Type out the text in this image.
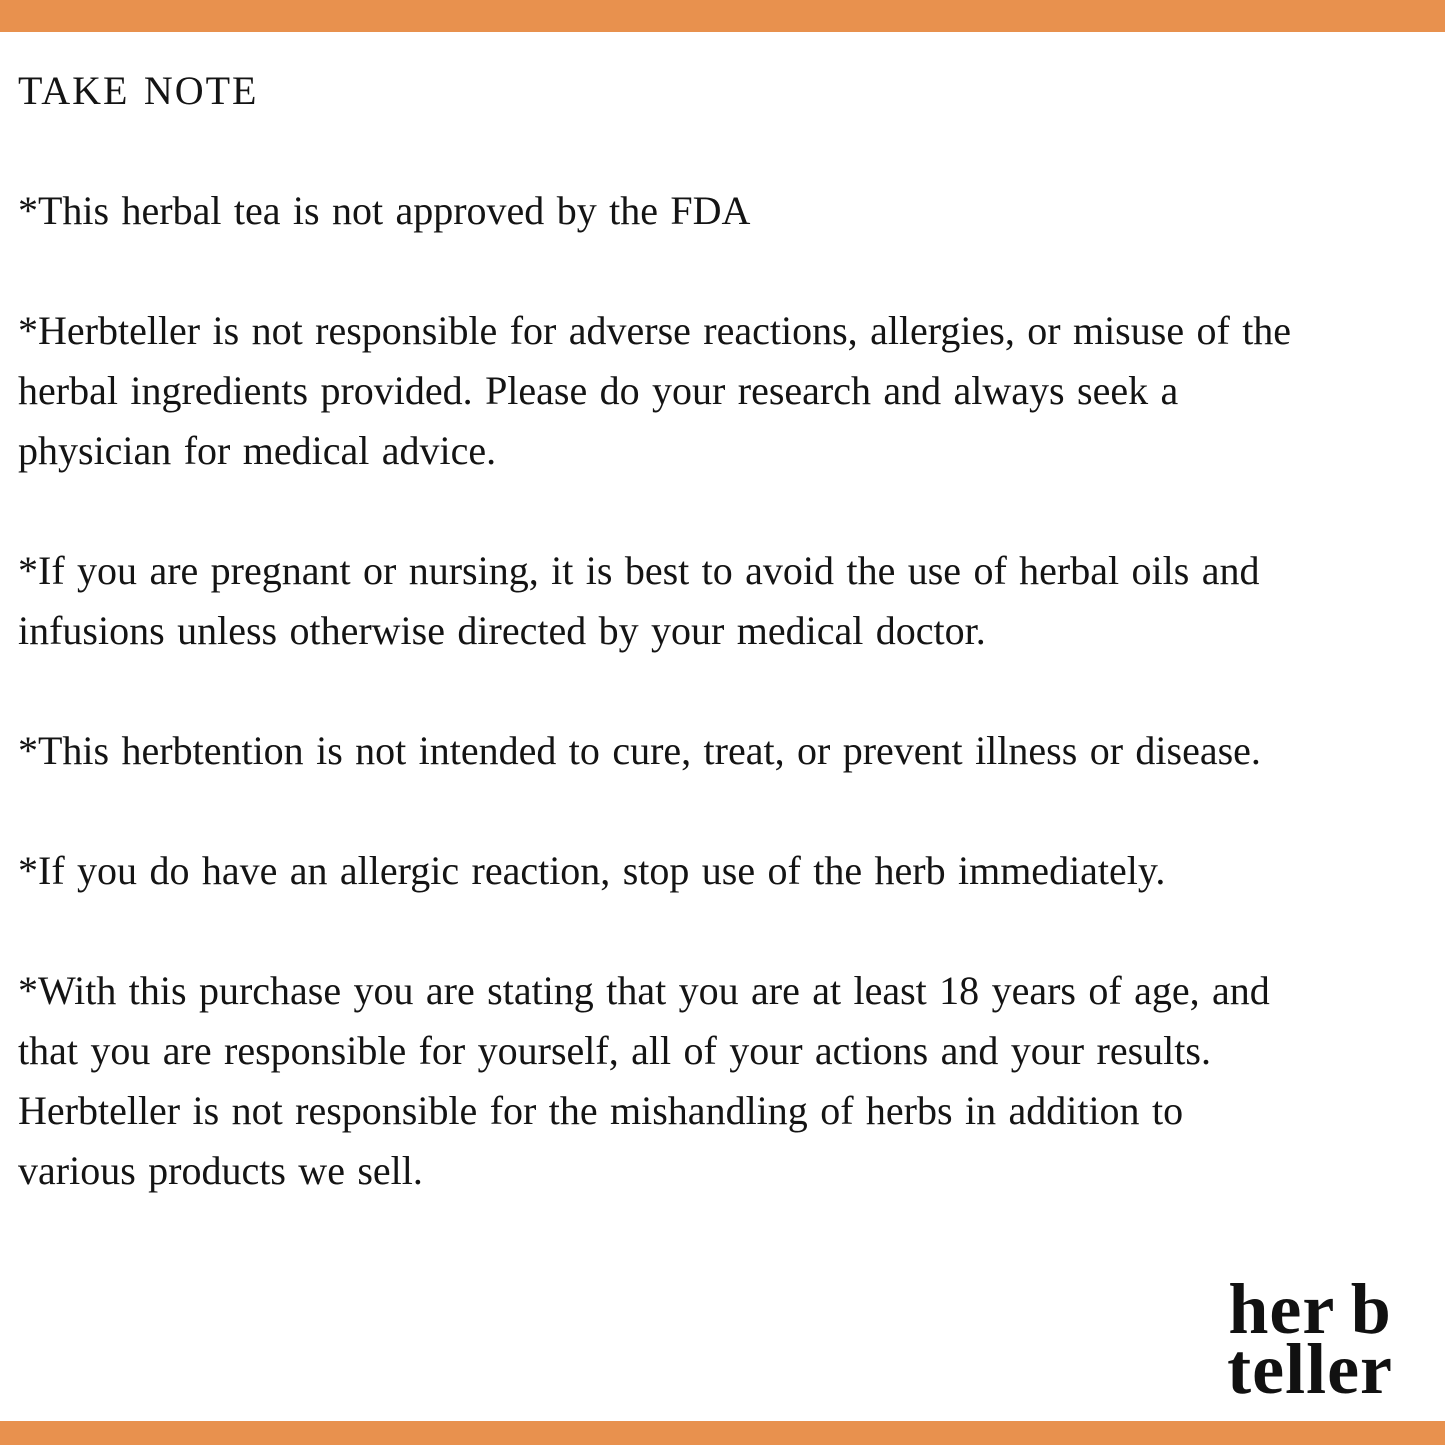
TAKE NOTE
*This herbal tea is not approved by the FDA
*Herbteller is not responsible for adverse reactions, allergies, or misuse of the
herbal ingredients provided. Please do your research and always seek a
physician for medical advice.
*If you are pregnant or nursing, it is best to avoid the use of herbal oils and
infusions unless otherwise directed by your medical doctor.
*This herbtention is not intended to cure, treat, or prevent illness or disease.
*If you do have an allergic reaction, stop use of the herb immediately.
*With this purchase you are stating that you are at least 18 years of age, and
that you are responsible for yourself, all of your actions and your results.
Herbteller is not responsible for the mishandling of herbs in addition to
various products we sell.
her b
teller
